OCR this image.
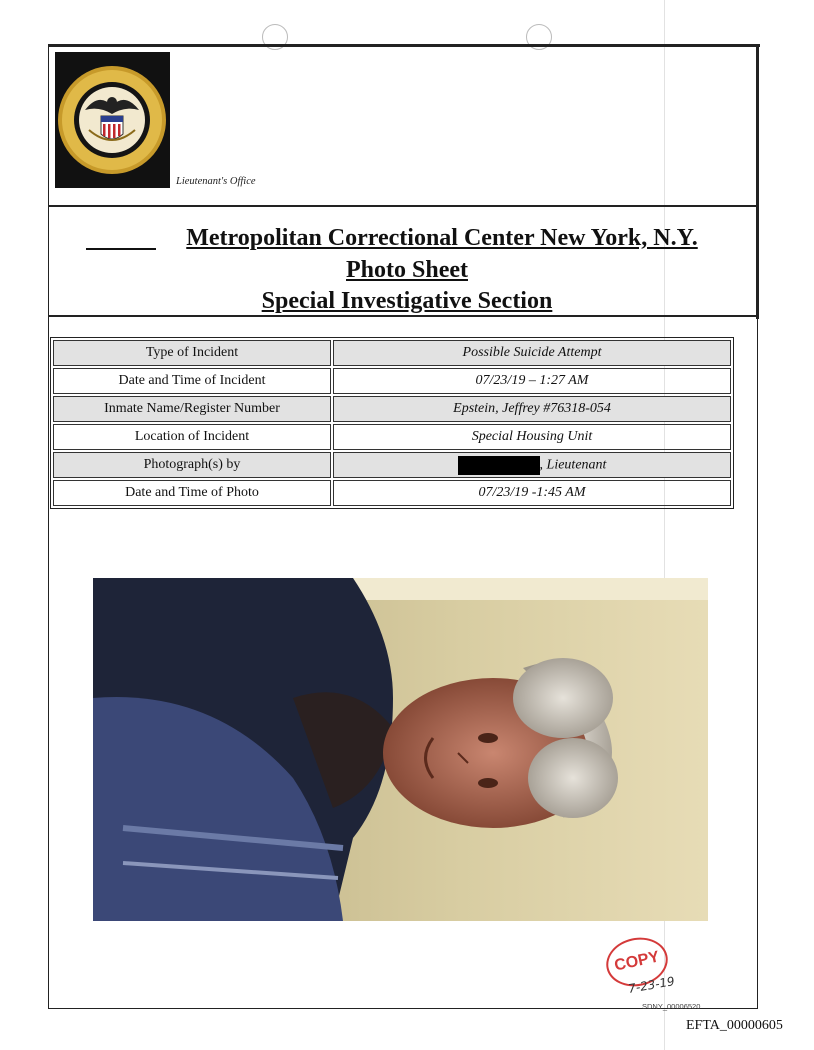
Lieutenant's Office
Metropolitan Correctional Center New York, N.Y.
Photo Sheet
Special Investigative Section
Type of Incident	Possible Suicide Attempt
Date and Time of Incident	07/23/19 – 1:27 AM
Inmate Name/Register Number	Epstein, Jeffrey #76318-054
Location of Incident	Special Housing Unit
Photograph(s) by	, Lieutenant
Date and Time of Photo	07/23/19 -1:45 AM
COPY
7-23-19
SDNY_00006520
EFTA_00000605
